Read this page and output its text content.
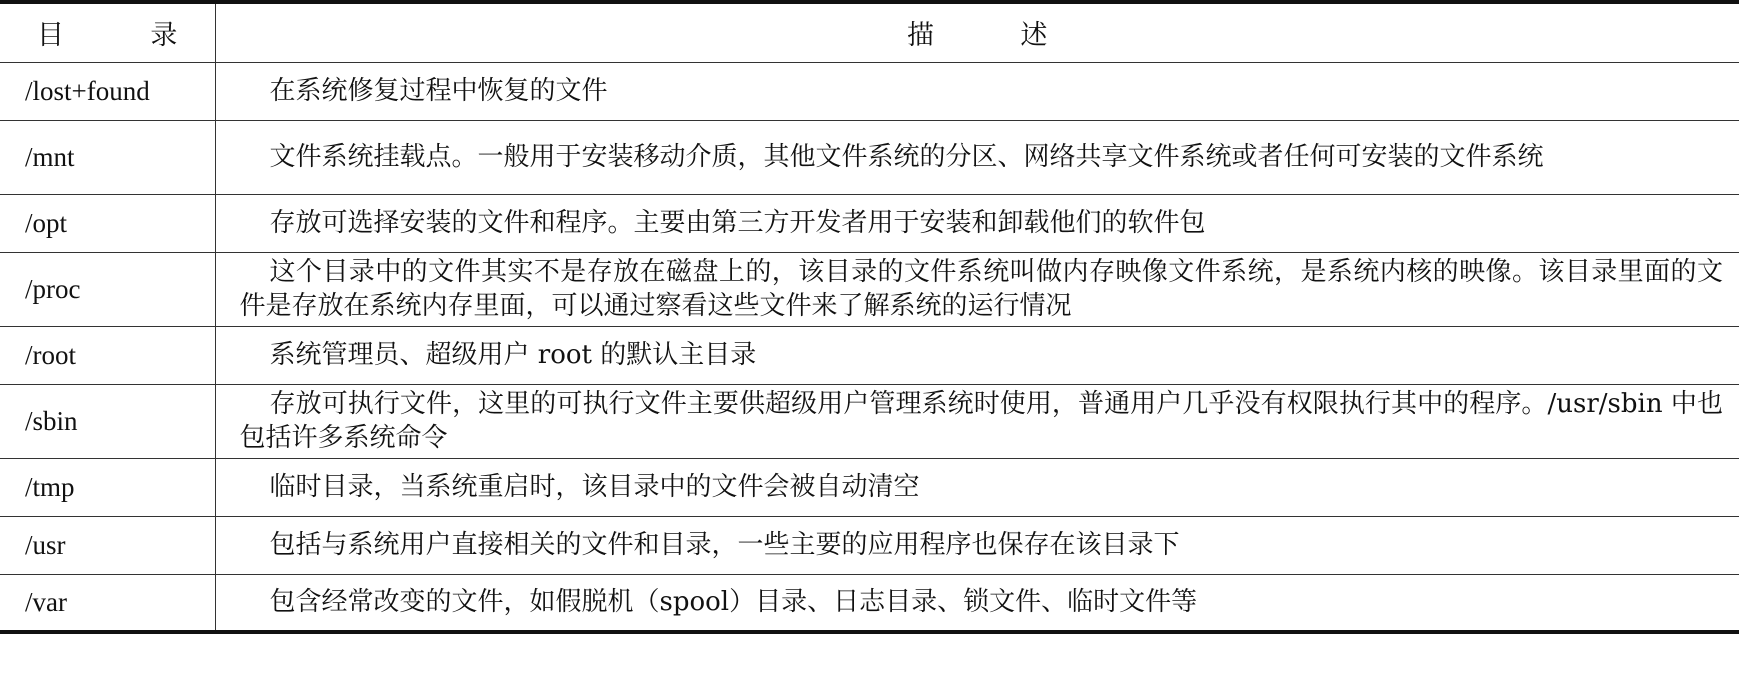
目　录	描　述
/lost+found	在系统修复过程中恢复的文件
/mnt	文件系统挂载点。一般用于安装移动介质，其他文件系统的分区、网络共享文件系统或者任何可安装的文件系统
/opt	存放可选择安装的文件和程序。主要由第三方开发者用于安装和卸载他们的软件包
/proc	这个目录中的文件其实不是存放在磁盘上的，该目录的文件系统叫做内存映像文件系统，是系统内核的映像。该目录里面的文件是存放在系统内存里面，可以通过察看这些文件来了解系统的运行情况
/root	系统管理员、超级用户 root 的默认主目录
/sbin	存放可执行文件，这里的可执行文件主要供超级用户管理系统时使用，普通用户几乎没有权限执行其中的程序。/usr/sbin 中也包括许多系统命令
/tmp	临时目录，当系统重启时，该目录中的文件会被自动清空
/usr	包括与系统用户直接相关的文件和目录，一些主要的应用程序也保存在该目录下
/var	包含经常改变的文件，如假脱机（spool）目录、日志目录、锁文件、临时文件等
